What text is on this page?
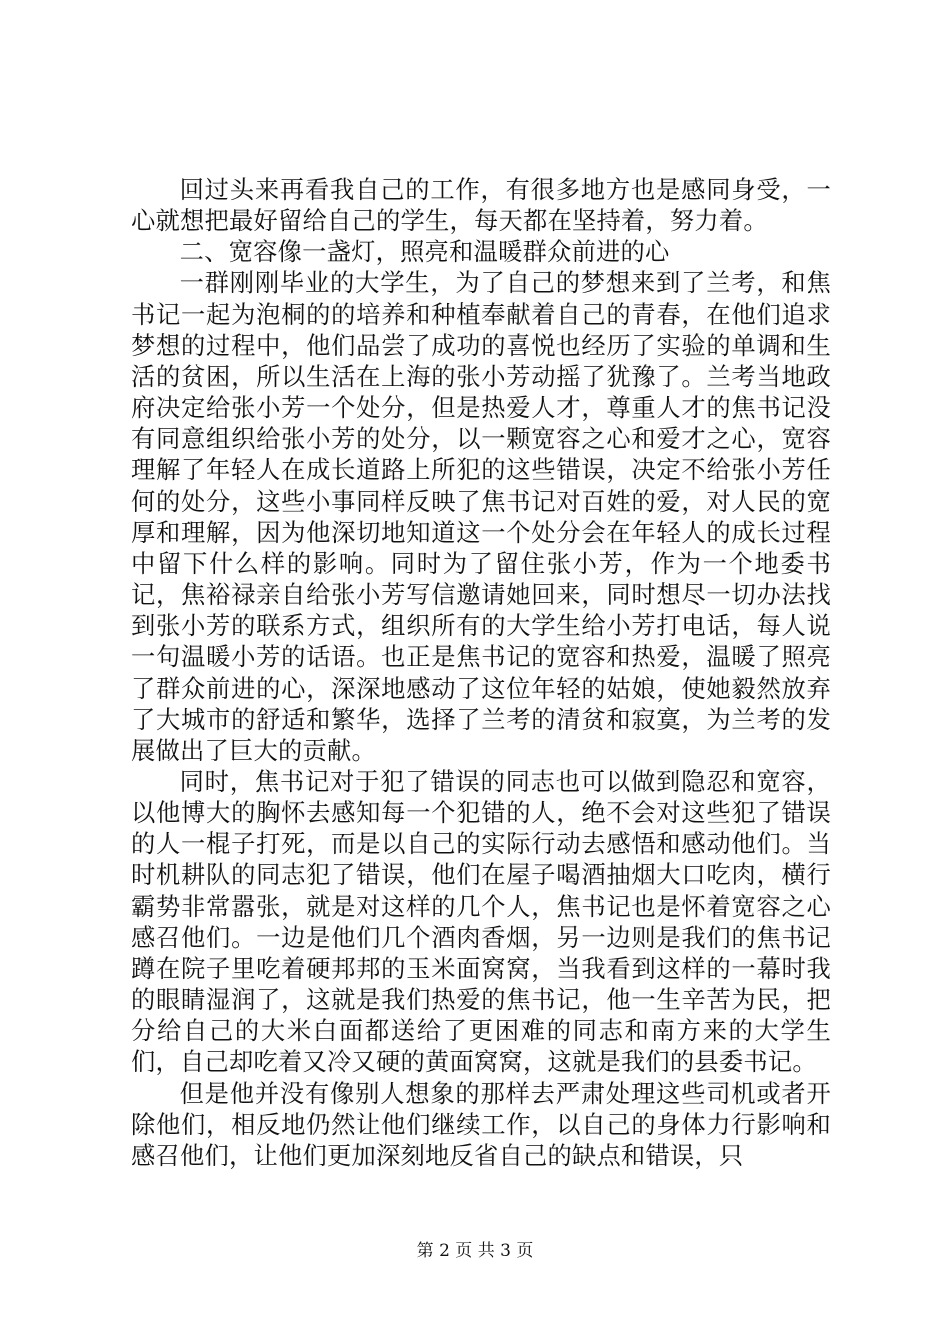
回过头来再看我自己的工作，有很多地方也是感同身受，一心就想把最好留给自己的学生，每天都在坚持着，努力着。

二、宽容像一盏灯，照亮和温暖群众前进的心

一群刚刚毕业的大学生，为了自己的梦想来到了兰考，和焦书记一起为泡桐的的培养和种植奉献着自己的青春，在他们追求梦想的过程中，他们品尝了成功的喜悦也经历了实验的单调和生活的贫困，所以生活在上海的张小芳动摇了犹豫了。兰考当地政府决定给张小芳一个处分，但是热爱人才，尊重人才的焦书记没有同意组织给张小芳的处分，以一颗宽容之心和爱才之心，宽容理解了年轻人在成长道路上所犯的这些错误，决定不给张小芳任何的处分，这些小事同样反映了焦书记对百姓的爱，对人民的宽厚和理解，因为他深切地知道这一个处分会在年轻人的成长过程中留下什么样的影响。同时为了留住张小芳，作为一个地委书记，焦裕禄亲自给张小芳写信邀请她回来，同时想尽一切办法找到张小芳的联系方式，组织所有的大学生给小芳打电话，每人说一句温暖小芳的话语。也正是焦书记的宽容和热爱，温暖了照亮了群众前进的心，深深地感动了这位年轻的姑娘，使她毅然放弃了大城市的舒适和繁华，选择了兰考的清贫和寂寞，为兰考的发展做出了巨大的贡献。

同时，焦书记对于犯了错误的同志也可以做到隐忍和宽容，以他博大的胸怀去感知每一个犯错的人，绝不会对这些犯了错误的人一棍子打死，而是以自己的实际行动去感悟和感动他们。当时机耕队的同志犯了错误，他们在屋子喝酒抽烟大口吃肉，横行霸势非常嚣张，就是对这样的几个人，焦书记也是怀着宽容之心感召他们。一边是他们几个酒肉香烟，另一边则是我们的焦书记蹲在院子里吃着硬邦邦的玉米面窝窝，当我看到这样的一幕时我的眼睛湿润了，这就是我们热爱的焦书记，他一生辛苦为民，把分给自己的大米白面都送给了更困难的同志和南方来的大学生们，自己却吃着又冷又硬的黄面窝窝，这就是我们的县委书记。

但是他并没有像别人想象的那样去严肃处理这些司机或者开除他们，相反地仍然让他们继续工作，以自己的身体力行影响和感召他们，让他们更加深刻地反省自己的缺点和错误，只

第 2 页 共 3 页
